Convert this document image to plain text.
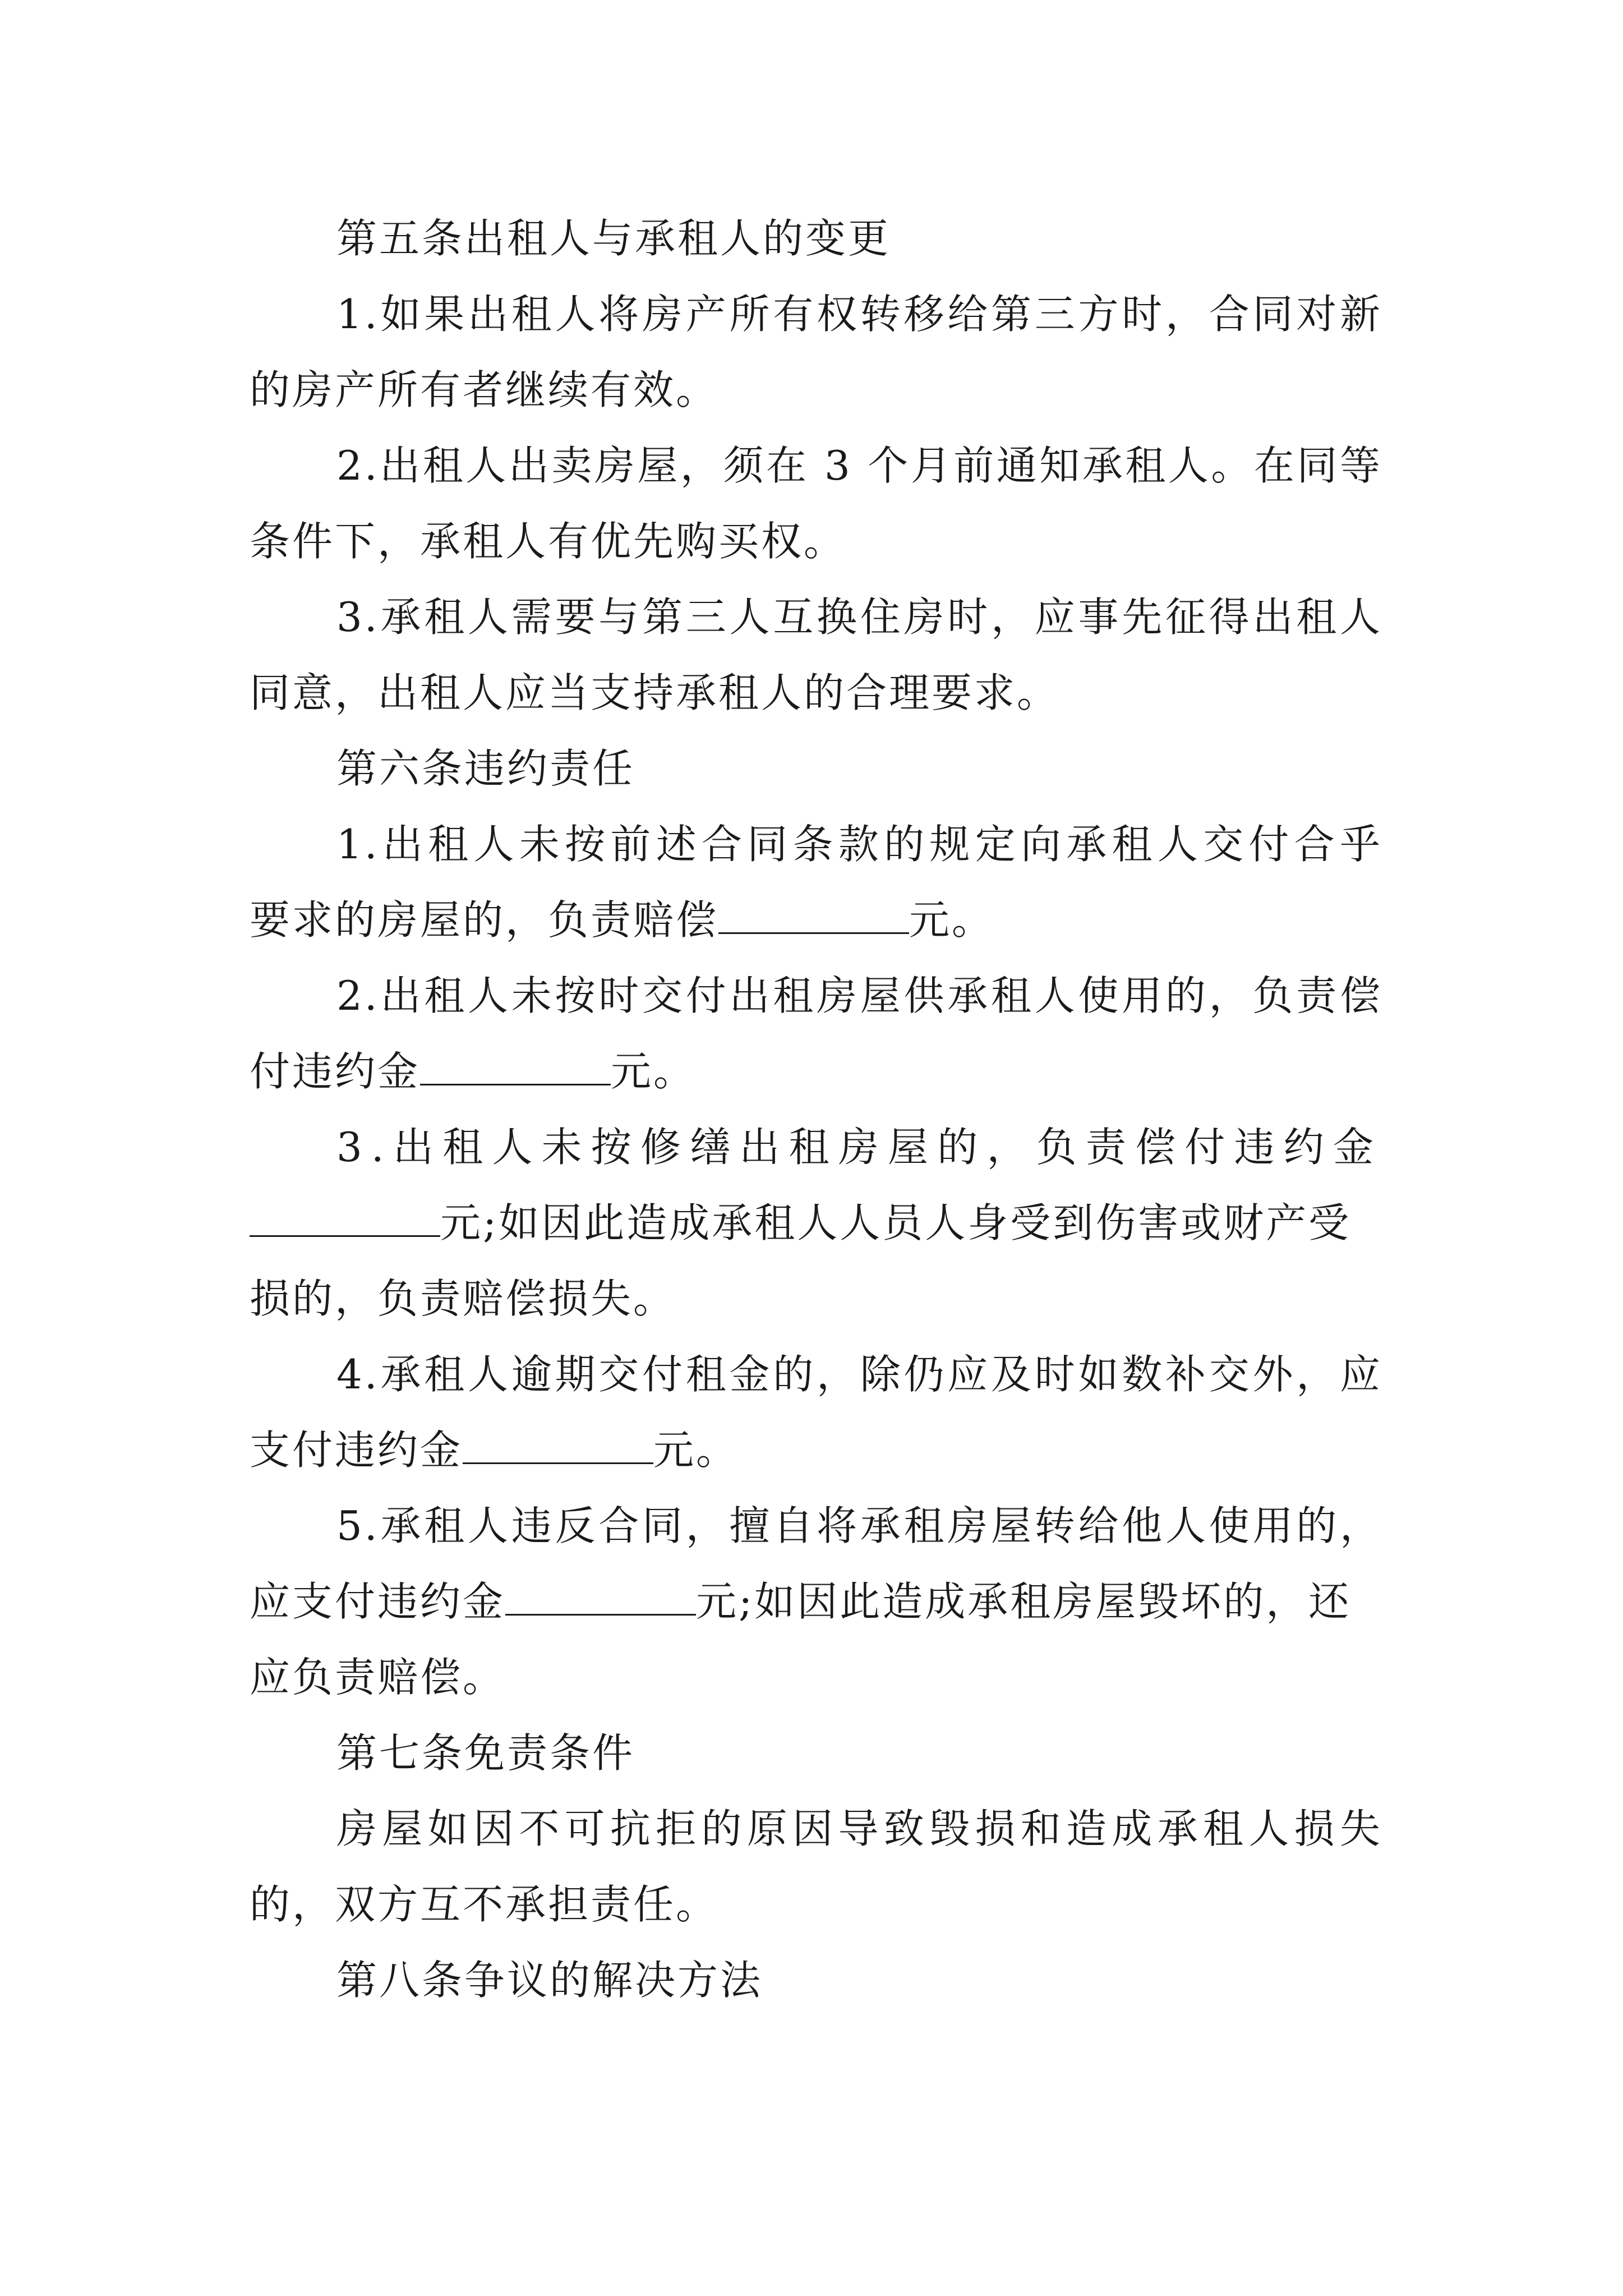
第五条出租人与承租人的变更
1.如果出租人将房产所有权转移给第三方时，合同对新
的房产所有者继续有效。
2.出租人出卖房屋，须在 3 个月前通知承租人。在同等
条件下，承租人有优先购买权。
3.承租人需要与第三人互换住房时，应事先征得出租人
同意，出租人应当支持承租人的合理要求。
第六条违约责任
1.出租人未按前述合同条款的规定向承租人交付合乎
要求的房屋的，负责赔偿	元。
2.出租人未按时交付出租房屋供承租人使用的，负责偿
付违约金	元。
3.出租人未按修缮出租房屋的，负责偿付违约金
元;如因此造成承租人人员人身受到伤害或财产受
损的，负责赔偿损失。
4.承租人逾期交付租金的，除仍应及时如数补交外，应
支付违约金	元。
5.承租人违反合同，擅自将承租房屋转给他人使用的，
应支付违约金	元;如因此造成承租房屋毁坏的，还
应负责赔偿。
第七条免责条件
房屋如因不可抗拒的原因导致毁损和造成承租人损失
的，双方互不承担责任。
第八条争议的解决方法
